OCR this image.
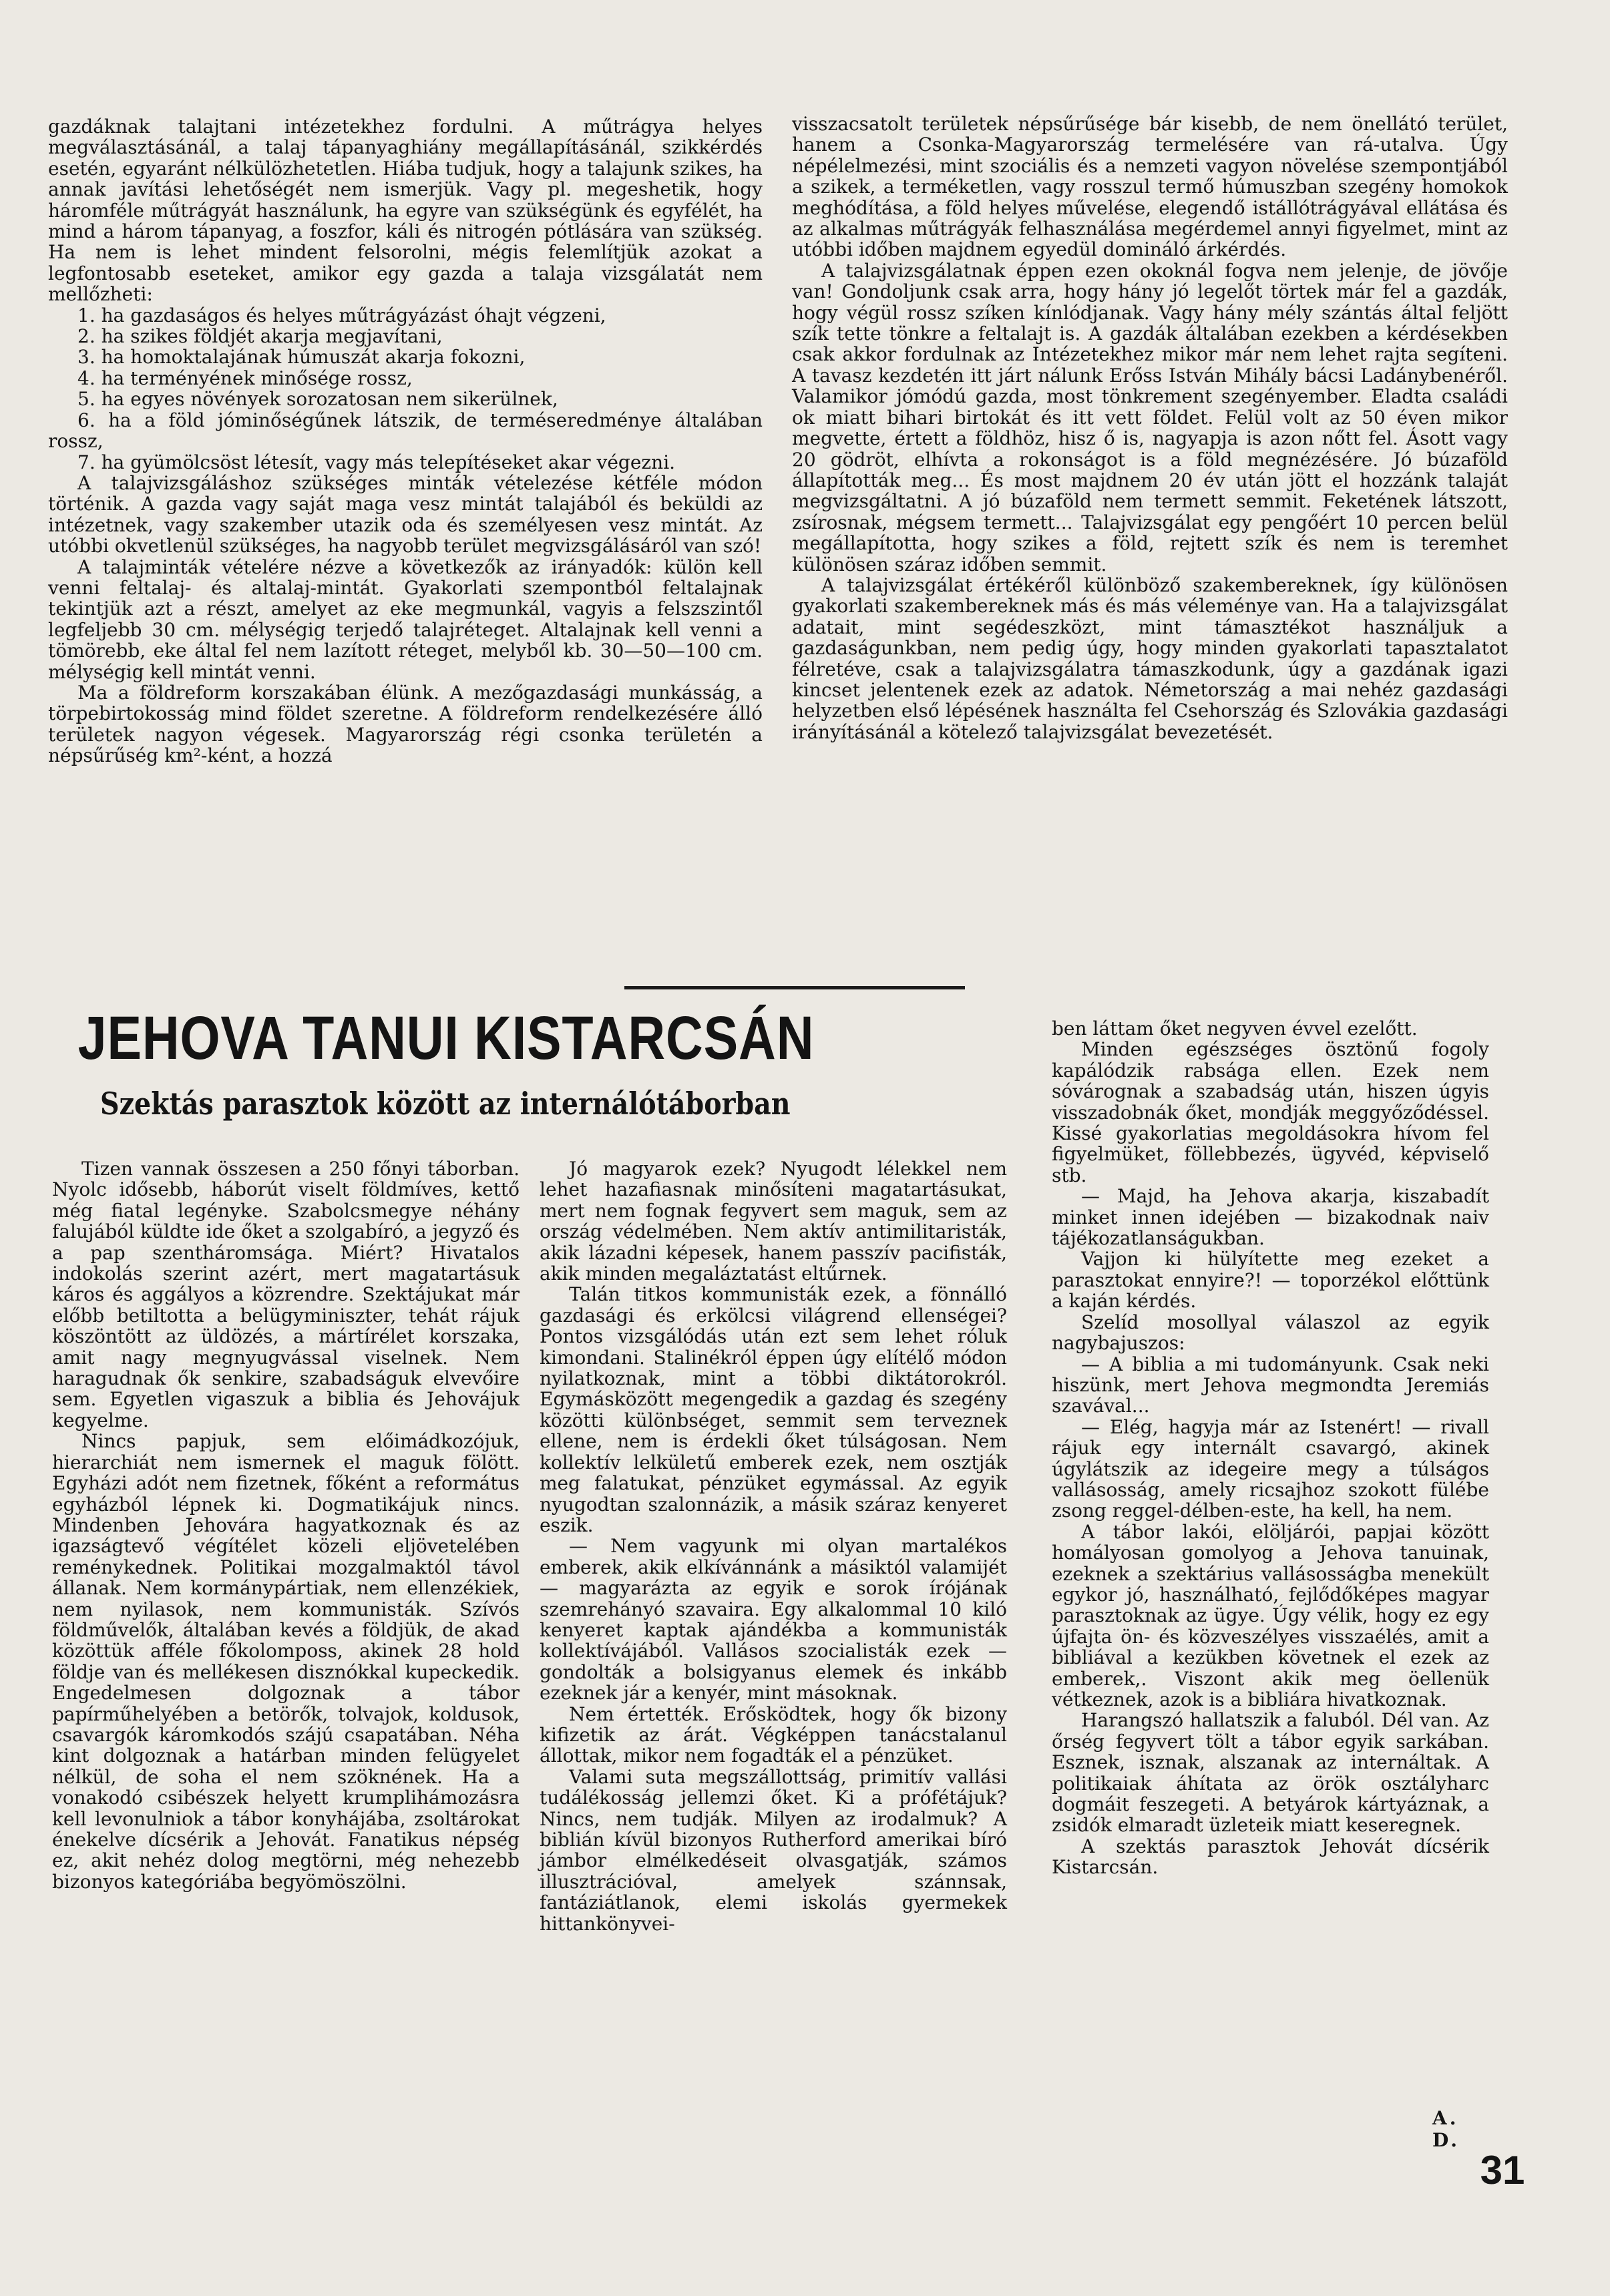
gazdáknak talajtani intézetekhez fordulni. A műtrágya helyes megválasztásánál, a talaj tápanyaghiány megállapításánál, szikkérdés esetén, egyaránt nélkülözhetetlen. Hiába tudjuk, hogy a talajunk szikes, ha annak javítási lehetőségét nem ismerjük. Vagy pl. megeshetik, hogy háromféle műtrágyát használunk, ha egyre van szükségünk és egyfélét, ha mind a három tápanyag, a foszfor, káli és nitrogén pótlására van szükség. Ha nem is lehet mindent felsorolni, mégis felemlítjük azokat a legfontosabb eseteket, amikor egy gazda a talaja vizsgálatát nem mellőzheti:

1. ha gazdaságos és helyes műtrágyázást óhajt végzeni,

2. ha szikes földjét akarja megjavítani,

3. ha homoktalajának húmuszát akarja fokozni,

4. ha terményének minősége rossz,

5. ha egyes növények sorozatosan nem sikerülnek,

6. ha a föld jóminőségűnek látszik, de terméseredménye általában rossz,

7. ha gyümölcsöst létesít, vagy más telepítéseket akar végezni.

A talajvizsgáláshoz szükséges minták vételezése kétféle módon történik. A gazda vagy saját maga vesz mintát talajából és beküldi az intézetnek, vagy szakember utazik oda és személyesen vesz mintát. Az utóbbi okvetlenül szükséges, ha nagyobb terület megvizsgálásáról van szó!

A talajminták vételére nézve a következők az irányadók: külön kell venni feltalaj- és altalaj-mintát. Gyakorlati szempontból feltalajnak tekintjük azt a részt, amelyet az eke megmunkál, vagyis a felszszintől legfeljebb 30 cm. mélységig terjedő talajréteget. Altalajnak kell venni a tömörebb, eke által fel nem lazított réteget, melyből kb. 30—50—100 cm. mélységig kell mintát venni.

Ma a földreform korszakában élünk. A mezőgazdasági munkásság, a törpebirtokosság mind földet szeretne. A földreform rendelkezésére álló területek nagyon végesek. Magyarország régi csonka területén a népsűrűség km²-ként, a hozzá

visszacsatolt területek népsűrűsége bár kisebb, de nem önellátó terület, hanem a Csonka-Magyarország termelésére van rá-utalva. Úgy népélelmezési, mint szociális és a nemzeti vagyon növelése szempontjából a szikek, a terméketlen, vagy rosszul termő húmuszban szegény homokok meghódítása, a föld helyes művelése, elegendő istállótrágyával ellátása és az alkalmas műtrágyák felhasználása megérdemel annyi figyelmet, mint az utóbbi időben majdnem egyedül domináló árkérdés.

A talajvizsgálatnak éppen ezen okoknál fogva nem jelenje, de jövője van! Gondoljunk csak arra, hogy hány jó legelőt törtek már fel a gazdák, hogy végül rossz szíken kínlódjanak. Vagy hány mély szántás által feljött szík tette tönkre a feltalajt is. A gazdák általában ezekben a kérdésekben csak akkor fordulnak az Intézetekhez mikor már nem lehet rajta segíteni. A tavasz kezdetén itt járt nálunk Erőss István Mihály bácsi Ladánybenéről. Valamikor jómódú gazda, most tönkrement szegényember. Eladta családi ok miatt bihari birtokát és itt vett földet. Felül volt az 50 éven mikor megvette, értett a földhöz, hisz ő is, nagyapja is azon nőtt fel. Ásott vagy 20 gödröt, elhívta a rokonságot is a föld megnézésére. Jó búzaföld állapították meg... És most majdnem 20 év után jött el hozzánk talaját megvizsgáltatni. A jó búzaföld nem termett semmit. Feketének látszott, zsírosnak, mégsem termett... Talajvizsgálat egy pengőért 10 percen belül megállapította, hogy szikes a föld, rejtett szík és nem is teremhet különösen száraz időben semmit.

A talajvizsgálat értékéről különböző szakembereknek, így különösen gyakorlati szakembereknek más és más véleménye van. Ha a talajvizsgálat adatait, mint segédeszközt, mint támasztékot használjuk a gazdaságunkban, nem pedig úgy, hogy minden gyakorlati tapasztalatot félretéve, csak a talajvizsgálatra támaszkodunk, úgy a gazdának igazi kincset jelentenek ezek az adatok. Németország a mai nehéz gazdasági helyzetben első lépésének használta fel Csehország és Szlovákia gazdasági irányításánál a kötelező talajvizsgálat bevezetését.

JEHOVA TANUI KISTARCSÁN
Szektás parasztok között az internálótáborban

Tizen vannak összesen a 250 főnyi táborban. Nyolc idősebb, háborút viselt földmíves, kettő még fiatal legényke. Szabolcsmegye néhány falujából küldte ide őket a szolgabíró, a jegyző és a pap szentháromsága. Miért? Hivatalos indokolás szerint azért, mert magatartásuk káros és aggályos a közrendre. Szektájukat már előbb betiltotta a belügyminiszter, tehát rájuk köszöntött az üldözés, a mártírélet korszaka, amit nagy megnyugvással viselnek. Nem haragudnak ők senkire, szabadságuk elvevőire sem. Egyetlen vigaszuk a biblia és Jehovájuk kegyelme.

Nincs papjuk, sem előimádkozójuk, hierarchiát nem ismernek el maguk fölött. Egyházi adót nem fizetnek, főként a református egyházból lépnek ki. Dogmatikájuk nincs. Mindenben Jehovára hagyatkoznak és az igazságtevő végítélet közeli eljövetelében reménykednek. Politikai mozgalmaktól távol állanak. Nem kormánypártiak, nem ellenzékiek, nem nyilasok, nem kommunisták. Szívós földművelők, általában kevés a földjük, de akad közöttük afféle főkolomposs, akinek 28 hold földje van és mellékesen disznókkal kupeckedik. Engedelmesen dolgoznak a tábor papírműhelyében a betörők, tolvajok, koldusok, csavargók káromkodós szájú csapatában. Néha kint dolgoznak a határban minden felügyelet nélkül, de soha el nem szöknének. Ha a vonakodó csibészek helyett krumplihámozásra kell levonulniok a tábor konyhájába, zsoltárokat énekelve dícsérik a Jehovát. Fanatikus népség ez, akit nehéz dolog megtörni, még nehezebb bizonyos kategóriába begyömöszölni.

Jó magyarok ezek? Nyugodt lélekkel nem lehet hazafiasnak minősíteni magatartásukat, mert nem fognak fegyvert sem maguk, sem az ország védelmében. Nem aktív antimilitaristák, akik lázadni képesek, hanem passzív pacifisták, akik minden megaláztatást eltűrnek.

Talán titkos kommunisták ezek, a fönnálló gazdasági és erkölcsi világrend ellenségei? Pontos vizsgálódás után ezt sem lehet róluk kimondani. Stalinékról éppen úgy elítélő módon nyilatkoznak, mint a többi diktátorokról. Egymásközött megengedik a gazdag és szegény közötti különbséget, semmit sem terveznek ellene, nem is érdekli őket túlságosan. Nem kollektív lelkületű emberek ezek, nem osztják meg falatukat, pénzüket egymással. Az egyik nyugodtan szalonnázik, a másik száraz kenyeret eszik.

— Nem vagyunk mi olyan martalékos emberek, akik elkívánnánk a másiktól valamijét — magyarázta az egyik e sorok írójának szemrehányó szavaira. Egy alkalommal 10 kiló kenyeret kaptak ajándékba a kommunisták kollektívájából. Vallásos szocialisták ezek — gondolták a bolsigyanus elemek és inkább ezeknek jár a kenyér, mint másoknak.

Nem értették. Erősködtek, hogy ők bizony kifizetik az árát. Végképpen tanácstalanul állottak, mikor nem fogadták el a pénzüket.

Valami suta megszállottság, primitív vallási tudálékosság jellemzi őket. Ki a prófétájuk? Nincs, nem tudják. Milyen az irodalmuk? A biblián kívül bizonyos Rutherford amerikai bíró jámbor elmélkedéseit olvasgatják, számos illusztrációval, amelyek szánnsak, fantáziátlanok, elemi iskolás gyermekek hittankönyvei-

ben láttam őket negyven évvel ezelőtt.

Minden egészséges ösztönű fogoly kapálódzik rabsága ellen. Ezek nem sóvárognak a szabadság után, hiszen úgyis visszadobnák őket, mondják meggyőződéssel. Kissé gyakorlatias megoldásokra hívom fel figyelmüket, föllebbezés, ügyvéd, képviselő stb.

— Majd, ha Jehova akarja, kiszabadít minket innen idejében — bizakodnak naiv tájékozatlanságukban.

Vajjon ki hülyítette meg ezeket a parasztokat ennyire?! — toporzékol előttünk a kaján kérdés.

Szelíd mosollyal válaszol az egyik nagybajuszos:

— A biblia a mi tudományunk. Csak neki hiszünk, mert Jehova megmondta Jeremiás szavával...

— Elég, hagyja már az Istenért! — rivall rájuk egy internált csavargó, akinek úgylátszik az idegeire megy a túlságos vallásosság, amely ricsajhoz szokott fülébe zsong reggel-délben-este, ha kell, ha nem.

A tábor lakói, elöljárói, papjai között homályosan gomolyog a Jehova tanuinak, ezeknek a szektárius vallásosságba menekült egykor jó, használható, fejlődőképes magyar parasztoknak az ügye. Úgy vélik, hogy ez egy újfajta ön- és közveszélyes visszaélés, amit a bibliával a kezükben követnek el ezek az emberek,. Viszont akik meg öellenük vétkeznek, azok is a bibliára hivatkoznak.

Harangszó hallatszik a faluból. Dél van. Az őrség fegyvert tölt a tábor egyik sarkában. Esznek, isznak, alszanak az internáltak. A politikaiak áhítata az örök osztályharc dogmáit feszegeti. A betyárok kártyáznak, a zsidók elmaradt üzleteik miatt keseregnek.

A szektás parasztok Jehovát dícsérik Kistarcsán.

A. D.
31
